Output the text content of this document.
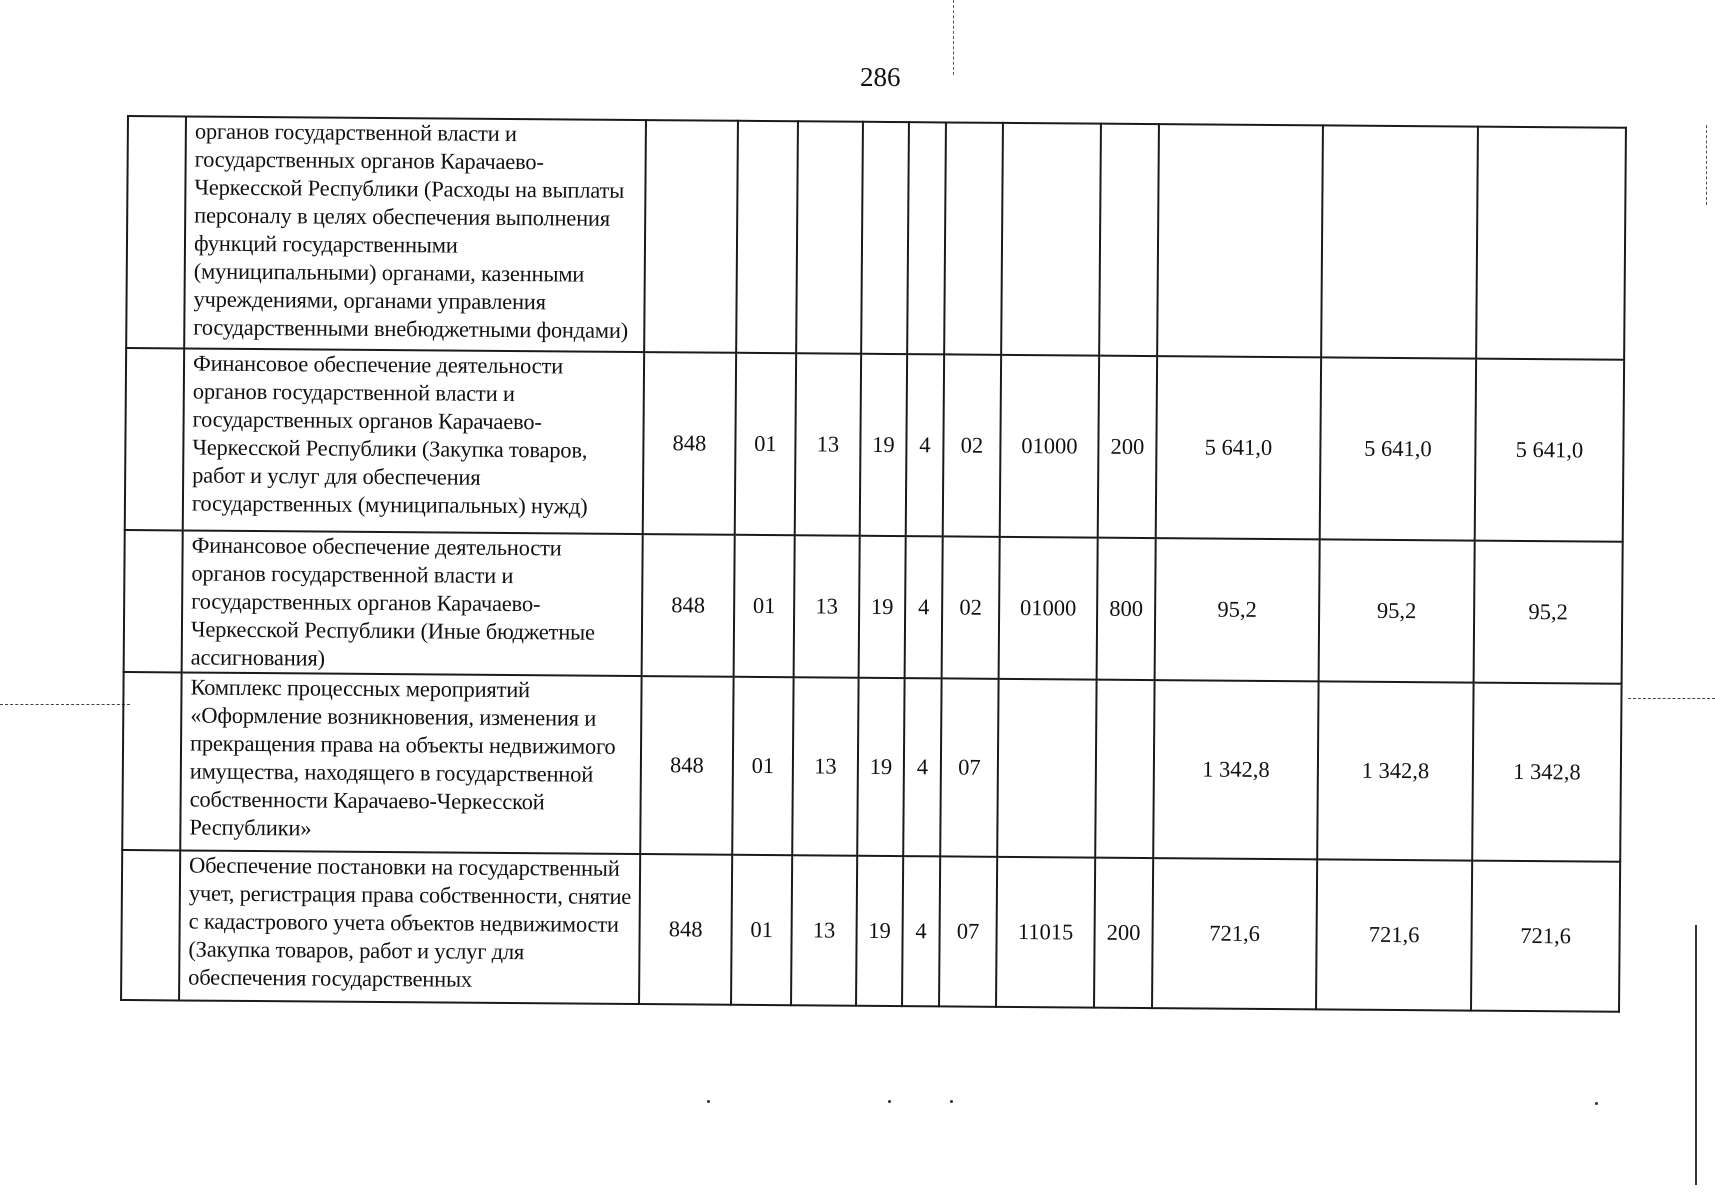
286
	органов государственной власти и государственных органов Карачаево-Черкесской Республики (Расходы на выплаты персоналу в целях обеспечения выполнения функций государственными (муниципальными) органами, казенными учреждениями, органами управления государственными внебюджетными фондами)											
	Финансовое обеспечение деятельности органов государственной власти и государственных органов Карачаево-Черкесской Республики (Закупка товаров, работ и услуг для обеспечения государственных (муниципальных) нужд)	848	01	13	19	4	02	01000	200	5 641,0	5 641,0	5 641,0
	Финансовое обеспечение деятельности органов государственной власти и государственных органов Карачаево-Черкесской Республики (Иные бюджетные ассигнования)	848	01	13	19	4	02	01000	800	95,2	95,2	95,2
	Комплекс процессных мероприятий «Оформление возникновения, изменения и прекращения права на объекты недвижимого имущества, находящего в государственной собственности Карачаево-Черкесской Республики»	848	01	13	19	4	07			1 342,8	1 342,8	1 342,8
	Обеспечение постановки на государственный учет, регистрация права собственности, снятие с кадастрового учета объектов недвижимости (Закупка товаров, работ и услуг для обеспечения государственных	848	01	13	19	4	07	11015	200	721,6	721,6	721,6
